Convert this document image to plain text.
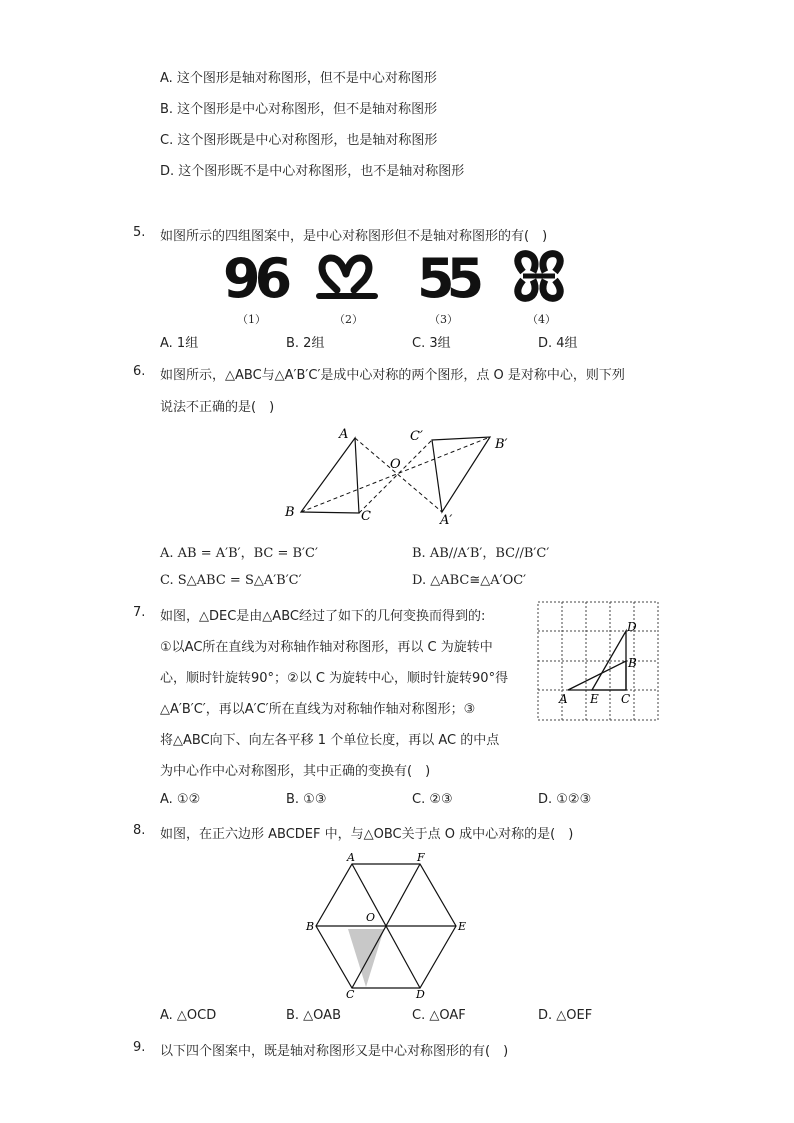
A. 这个图形是轴对称图形，但不是中心对称图形
B. 这个图形是中心对称图形，但不是轴对称图形
C. 这个图形既是中心对称图形，也是轴对称图形
D. 这个图形既不是中心对称图形，也不是轴对称图形
5. 如图所示的四组图案中，是中心对称图形但不是轴对称图形的有(　)
96 55
（1）	（2）	（3）	（4）
A. 1组	B. 2组	C. 3组	D. 4组
6. 如图所示，△ABC与△A′B′C′是成中心对称的两个图形，点 O 是对称中心，则下列
说法不正确的是(　)
A
B	C
O
C′
B′
A′
A. AB = A′B′，BC = B′C′	B. AB//A′B′，BC//B′C′
C. S△ABC = S△A′B′C′	D. △ABC≅△A′OC′
7. 如图，△DEC是由△ABC经过了如下的几何变换而得到的:
①以AC所在直线为对称轴作轴对称图形，再以 C 为旋转中
心，顺时针旋转90°；②以 C 为旋转中心，顺时针旋转90°得
△A′B′C′，再以A′C′所在直线为对称轴作轴对称图形；③
将△ABC向下、向左各平移 1 个单位长度，再以 AC 的中点
为中心作中心对称图形，其中正确的变换有(　)
D
B
A E C
A. ①②	B. ①③	C. ②③	D. ①②③
8. 如图，在正六边形 ABCDEF 中，与△OBC关于点 O 成中心对称的是(　)
A	F
B
O
E
C	D
A. △OCD	B. △OAB	C. △OAF	D. △OEF
9. 以下四个图案中，既是轴对称图形又是中心对称图形的有(　)
